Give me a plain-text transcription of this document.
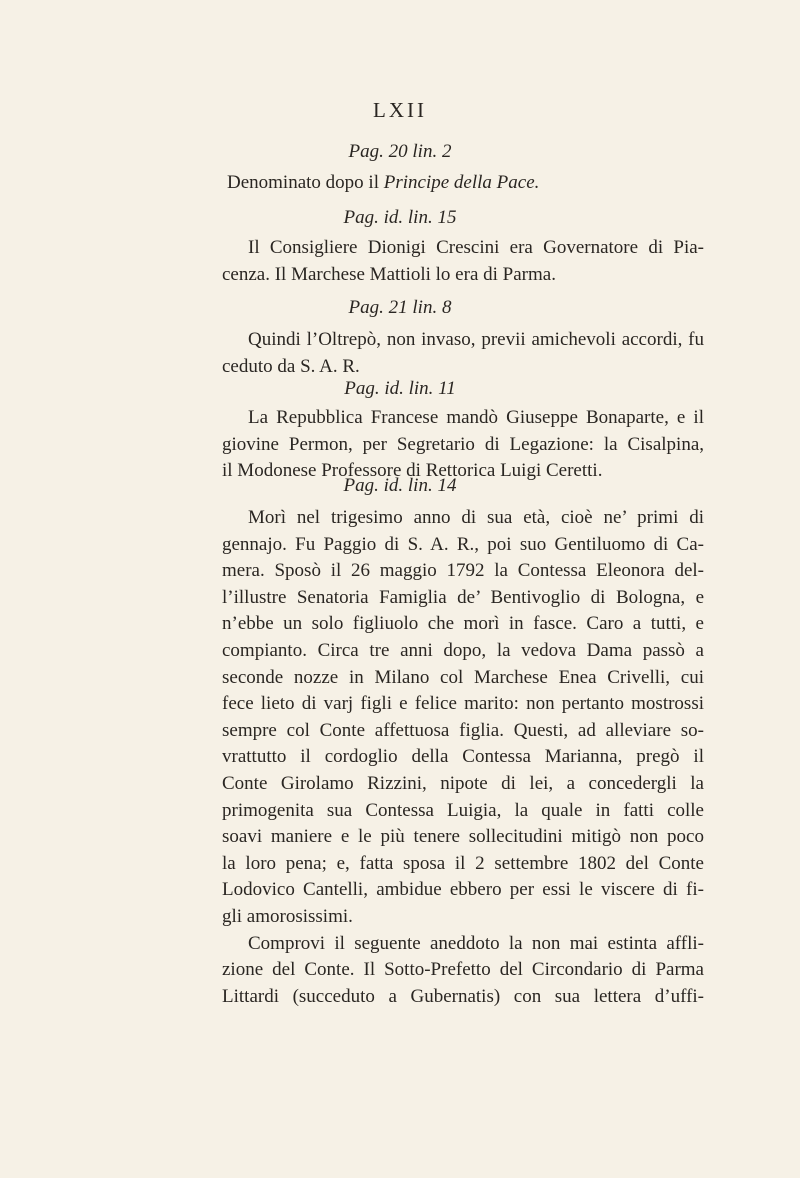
LXII
Pag. 20 lin. 2
Denominato dopo il Principe della Pace.
Pag. id. lin. 15
Il Consigliere Dionigi Crescini era Governatore di Pia-
cenza. Il Marchese Mattioli lo era di Parma.
Pag. 21 lin. 8
Quindi l’Oltrepò, non invaso, previi amichevoli accordi, fu
ceduto da S. A. R.
Pag. id. lin. 11
La Repubblica Francese mandò Giuseppe Bonaparte, e il
giovine Permon, per Segretario di Legazione: la Cisalpina,
il Modonese Professore di Rettorica Luigi Ceretti.
Pag. id. lin. 14
Morì nel trigesimo anno di sua età, cioè ne’ primi di
gennajo. Fu Paggio di S. A. R., poi suo Gentiluomo di Ca-
mera. Sposò il 26 maggio 1792 la Contessa Eleonora del-
l’illustre Senatoria Famiglia de’ Bentivoglio di Bologna, e
n’ebbe un solo figliuolo che morì in fasce. Caro a tutti, e
compianto. Circa tre anni dopo, la vedova Dama passò a
seconde nozze in Milano col Marchese Enea Crivelli, cui
fece lieto di varj figli e felice marito: non pertanto mostrossi
sempre col Conte affettuosa figlia. Questi, ad alleviare so-
vrattutto il cordoglio della Contessa Marianna, pregò il
Conte Girolamo Rizzini, nipote di lei, a concedergli la
primogenita sua Contessa Luigia, la quale in fatti colle
soavi maniere e le più tenere sollecitudini mitigò non poco
la loro pena; e, fatta sposa il 2 settembre 1802 del Conte
Lodovico Cantelli, ambidue ebbero per essi le viscere di fi-
gli amorosissimi.
Comprovi il seguente aneddoto la non mai estinta affli-
zione del Conte. Il Sotto-Prefetto del Circondario di Parma
Littardi (succeduto a Gubernatis) con sua lettera d’uffi-
